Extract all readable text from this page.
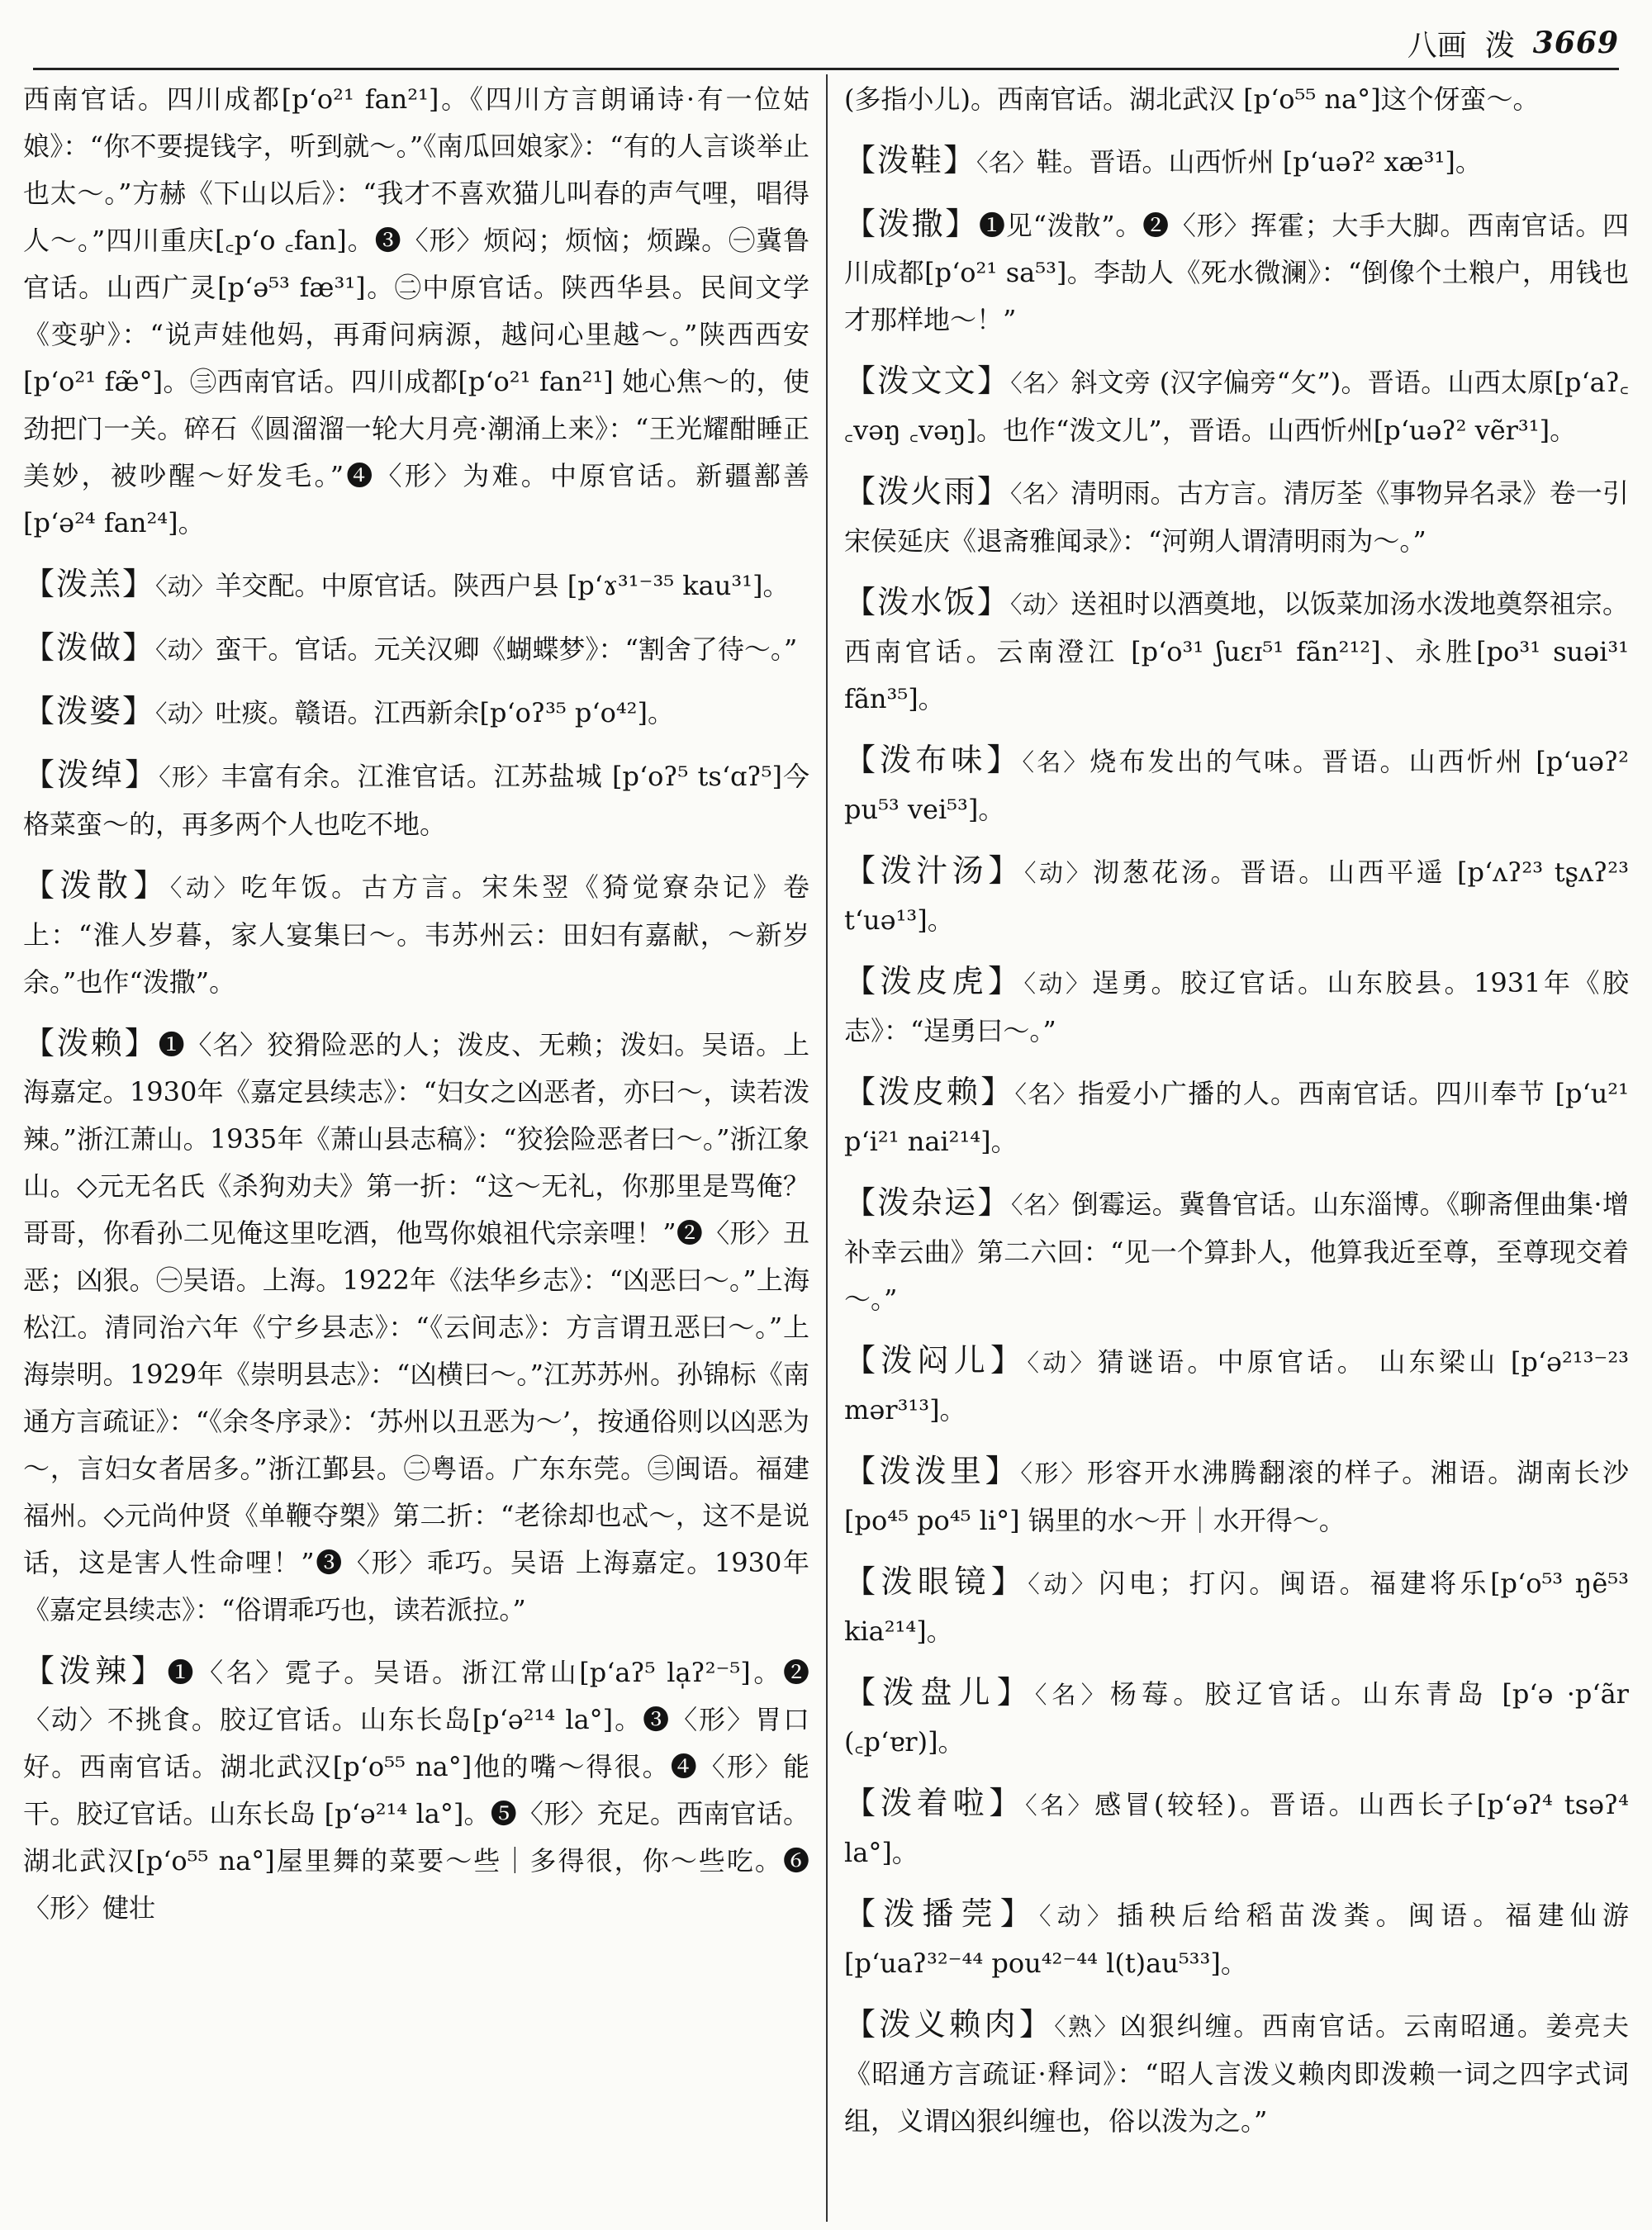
八画 泼 3669

西南官话。四川成都[pʻo²¹ fan²¹]。《四川方言朗诵诗·有一位姑娘》：“你不要提钱字，听到就～。”《南瓜回娘家》：“有的人言谈举止也太～。”方赫《下山以后》：“我才不喜欢猫儿叫春的声气哩，唱得人～。”四川重庆[꜀pʻo ꜀fan]。❸〈形〉烦闷；烦恼；烦躁。㊀冀鲁官话。山西广灵[pʻə⁵³ fæ³¹]。㊁中原官话。陕西华县。民间文学《变驴》：“说声娃他妈，再甭问病源，越问心里越～。”陕西西安[pʻo²¹ fæ̃°]。㊂西南官话。四川成都[pʻo²¹ fan²¹] 她心焦～的，使劲把门一关。碎石《圆溜溜一轮大月亮·潮涌上来》：“王光耀酣睡正美妙，被吵醒～好发毛。”❹〈形〉为难。中原官话。新疆鄯善[pʻə²⁴ fan²⁴]。

【泼羔】〈动〉羊交配。中原官话。陕西户县 [pʻɤ³¹⁻³⁵ kau³¹]。

【泼做】〈动〉蛮干。官话。元关汉卿《蝴蝶梦》：“割舍了待～。”

【泼婆】〈动〉吐痰。赣语。江西新余[pʻoʔ³⁵ pʻo⁴²]。

【泼绰】〈形〉丰富有余。江淮官话。江苏盐城 [pʻoʔ⁵ tsʻɑʔ⁵]今格菜蛮～的，再多两个人也吃不地。

【泼散】〈动〉吃年饭。古方言。宋朱翌《猗觉寮杂记》卷上：“淮人岁暮，家人宴集曰～。韦苏州云：田妇有嘉献，～新岁余。”也作“泼撒”。

【泼赖】❶〈名〉狡猾险恶的人；泼皮、无赖；泼妇。吴语。上海嘉定。1930年《嘉定县续志》：“妇女之凶恶者，亦曰～，读若泼辣。”浙江萧山。1935年《萧山县志稿》：“狡狯险恶者曰～。”浙江象山。◇元无名氏《杀狗劝夫》第一折：“这～无礼，你那里是骂俺？哥哥，你看孙二见俺这里吃酒，他骂你娘祖代宗亲哩！”❷〈形〉丑恶；凶狠。㊀吴语。上海。1922年《法华乡志》：“凶恶曰～。”上海松江。清同治六年《宁乡县志》：“《云间志》：方言谓丑恶曰～。”上海崇明。1929年《崇明县志》：“凶横曰～。”江苏苏州。孙锦标《南通方言疏证》：“《余冬序录》：‘苏州以丑恶为～’，按通俗则以凶恶为～，言妇女者居多。”浙江鄞县。㊁粤语。广东东莞。㊂闽语。福建福州。◇元尚仲贤《单鞭夺槊》第二折：“老徐却也忒～，这不是说话，这是害人性命哩！”❸〈形〉乖巧。吴语 上海嘉定。1930年《嘉定县续志》：“俗谓乖巧也，读若派拉。”

【泼辣】❶〈名〉霓子。吴语。浙江常山[pʻaʔ⁵ la̩ʔ²⁻⁵]。❷〈动〉不挑食。胶辽官话。山东长岛[pʻə²¹⁴ la°]。❸〈形〉胃口好。西南官话。湖北武汉[pʻo⁵⁵ na°]他的嘴～得很。❹〈形〉能干。胶辽官话。山东长岛 [pʻə²¹⁴ la°]。❺〈形〉充足。西南官话。湖北武汉[pʻo⁵⁵ na°]屋里舞的菜要～些｜多得很，你～些吃。❻〈形〉健壮

(多指小儿)。西南官话。湖北武汉 [pʻo⁵⁵ na°]这个伢蛮～。

【泼鞋】〈名〉鞋。晋语。山西忻州 [pʻuəʔ² xæ³¹]。

【泼撒】❶见“泼散”。❷〈形〉挥霍；大手大脚。西南官话。四川成都[pʻo²¹ sa⁵³]。李劼人《死水微澜》：“倒像个土粮户，用钱也才那样地～！”

【泼文文】〈名〉斜文旁 (汉字偏旁“攵”)。晋语。山西太原[pʻaʔ꜀ ꜀vəŋ ꜀vəŋ]。也作“泼文儿”，晋语。山西忻州[pʻuəʔ² vẽr³¹]。

【泼火雨】〈名〉清明雨。古方言。清厉荃《事物异名录》卷一引宋侯延庆《退斋雅闻录》：“河朔人谓清明雨为～。”

【泼水饭】〈动〉送祖时以酒奠地，以饭菜加汤水泼地奠祭祖宗。西南官话。云南澄江 [pʻo³¹ ʃuɛɪ⁵¹ fãn²¹²]、永胜[po³¹ suəi³¹ fãn³⁵]。

【泼布味】〈名〉烧布发出的气味。晋语。山西忻州 [pʻuəʔ² pu⁵³ vei⁵³]。

【泼汁汤】〈动〉沏葱花汤。晋语。山西平遥 [pʻʌʔ²³ tʂʌʔ²³ tʻuə¹³]。

【泼皮虎】〈动〉逞勇。胶辽官话。山东胶县。1931年《胶志》：“逞勇曰～。”

【泼皮赖】〈名〉指爱小广播的人。西南官话。四川奉节 [pʻu²¹ pʻi²¹ nai²¹⁴]。

【泼杂运】〈名〉倒霉运。冀鲁官话。山东淄博。《聊斋俚曲集·增补幸云曲》第二六回：“见一个算卦人，他算我近至尊，至尊现交着～。”

【泼闷儿】〈动〉猜谜语。中原官话。 山东梁山 [pʻə²¹³⁻²³ mər³¹³]。

【泼泼里】〈形〉形容开水沸腾翻滚的样子。湘语。湖南长沙 [po⁴⁵ po⁴⁵ li°] 锅里的水～开｜水开得～。

【泼眼镜】〈动〉闪电；打闪。闽语。福建将乐[pʻo⁵³ ŋẽ⁵³ kia²¹⁴]。

【泼盘儿】〈名〉杨莓。胶辽官话。山东青岛 [pʻə ·pʻãr (꜀pʻɐr)]。

【泼着啦】〈名〉感冒(较轻)。晋语。山西长子[pʻəʔ⁴ tsəʔ⁴ la°]。

【泼播莞】〈动〉插秧后给稻苗泼粪。闽语。福建仙游 [pʻuaʔ³²⁻⁴⁴ pou⁴²⁻⁴⁴ l(t)au⁵³³]。

【泼义赖肉】〈熟〉凶狠纠缠。西南官话。云南昭通。姜亮夫《昭通方言疏证·释词》：“昭人言泼义赖肉即泼赖一词之四字式词组，义谓凶狠纠缠也，俗以泼为之。”
